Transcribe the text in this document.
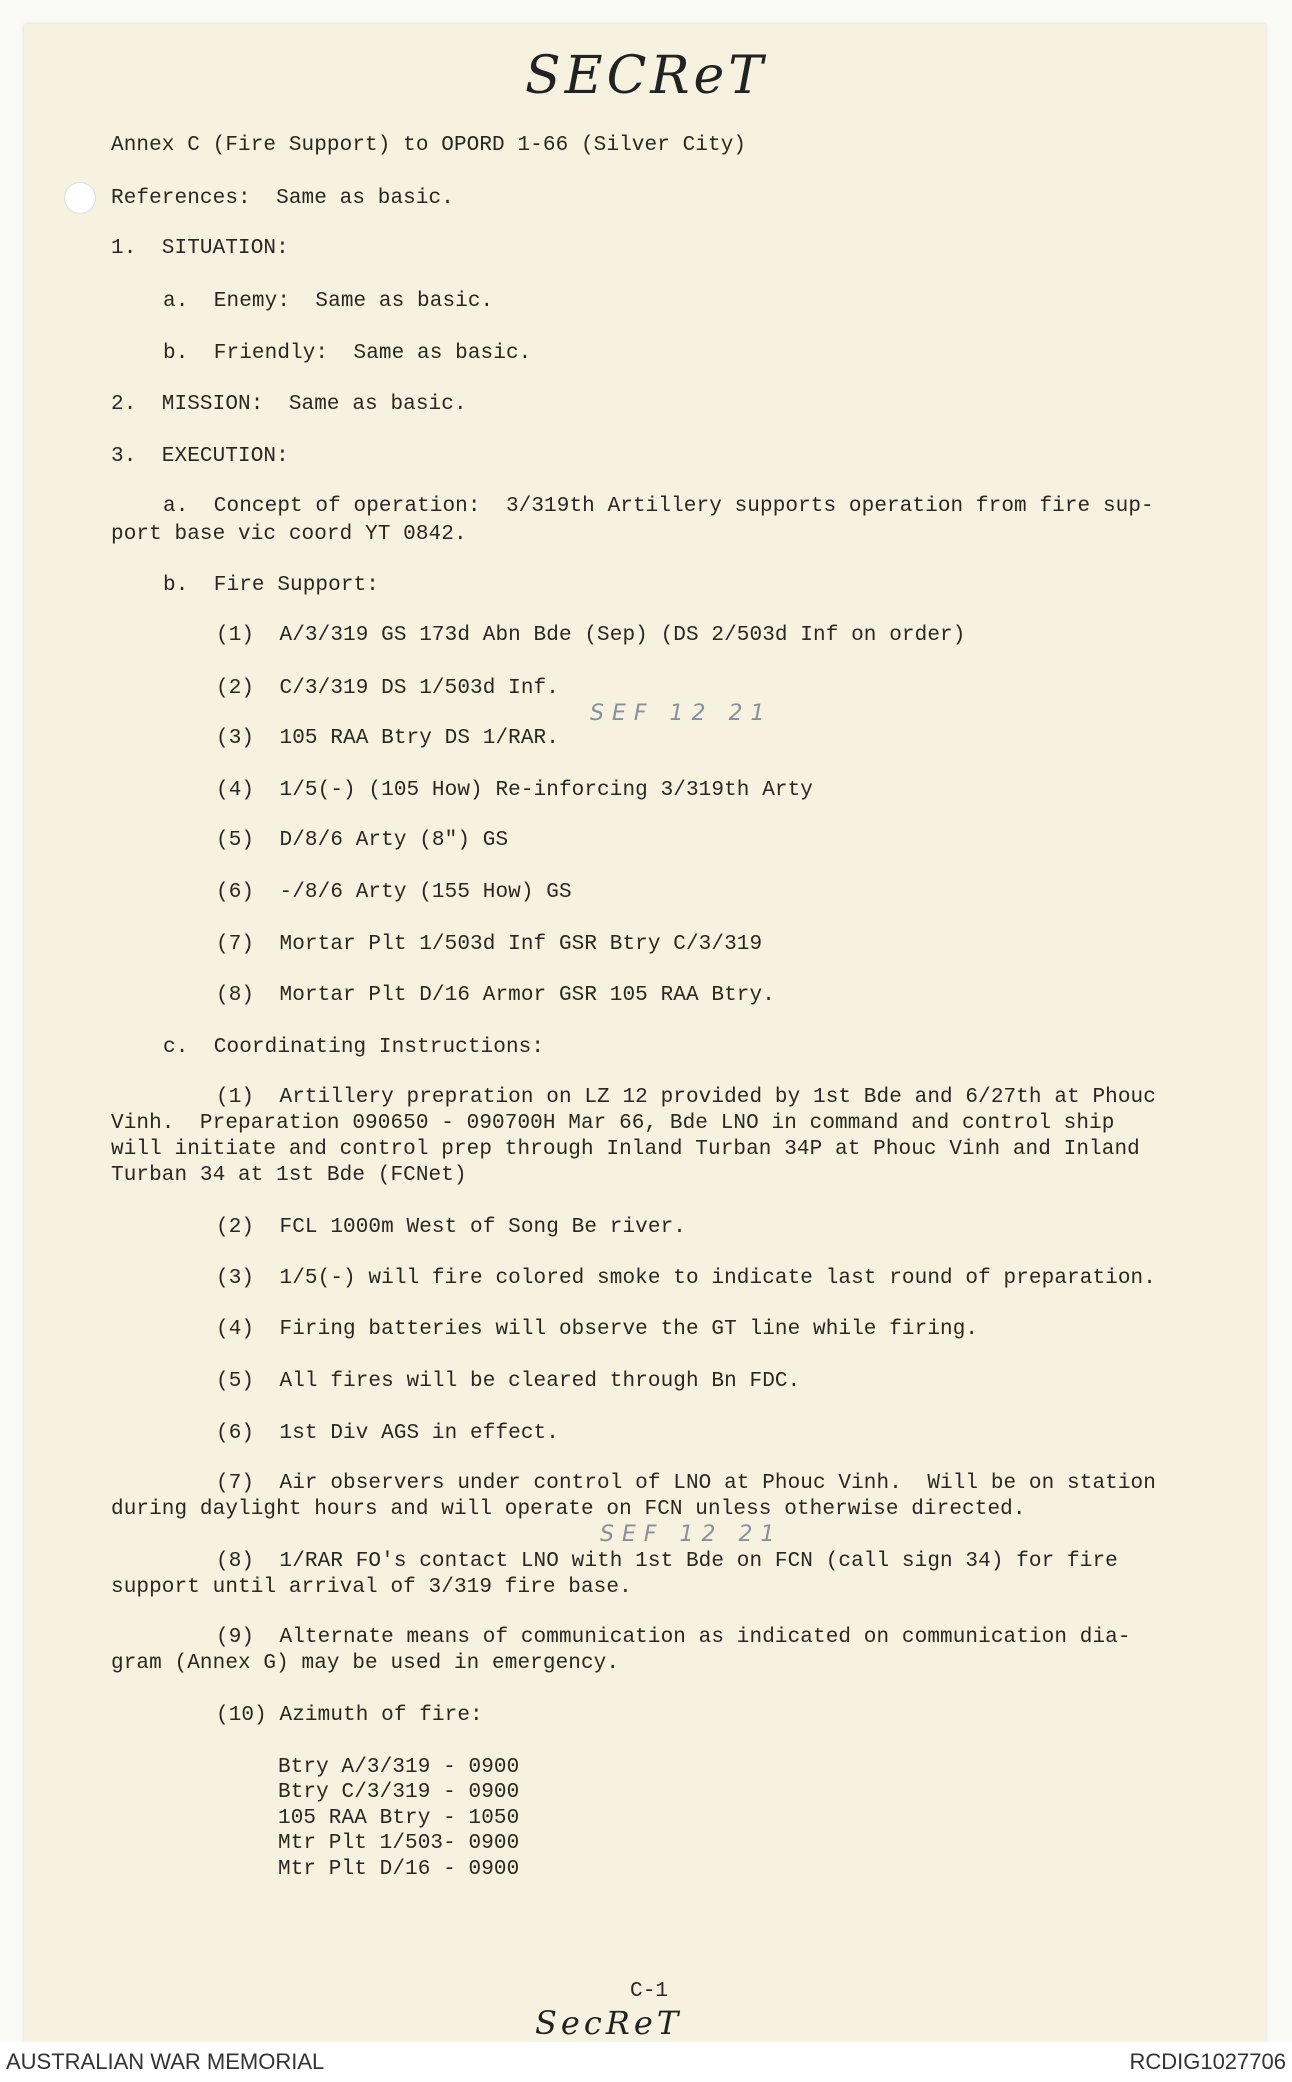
SECReT
SEF 12 21
SEF 12 21
Annex C (Fire Support) to OPORD 1-66 (Silver City)
References:  Same as basic.
1.  SITUATION:
a.  Enemy:  Same as basic.
b.  Friendly:  Same as basic.
2.  MISSION:  Same as basic.
3.  EXECUTION:
a.  Concept of operation:  3/319th Artillery supports operation from fire sup-
port base vic coord YT 0842.
b.  Fire Support:
(1)  A/3/319 GS 173d Abn Bde (Sep) (DS 2/503d Inf on order)
(2)  C/3/319 DS 1/503d Inf.
(3)  105 RAA Btry DS 1/RAR.
(4)  1/5(-) (105 How) Re-inforcing 3/319th Arty
(5)  D/8/6 Arty (8") GS
(6)  -/8/6 Arty (155 How) GS
(7)  Mortar Plt 1/503d Inf GSR Btry C/3/319
(8)  Mortar Plt D/16 Armor GSR 105 RAA Btry.
c.  Coordinating Instructions:
(1)  Artillery prepration on LZ 12 provided by 1st Bde and 6/27th at Phouc
Vinh.  Preparation 090650 - 090700H Mar 66, Bde LNO in command and control ship
will initiate and control prep through Inland Turban 34P at Phouc Vinh and Inland
Turban 34 at 1st Bde (FCNet)
(2)  FCL 1000m West of Song Be river.
(3)  1/5(-) will fire colored smoke to indicate last round of preparation.
(4)  Firing batteries will observe the GT line while firing.
(5)  All fires will be cleared through Bn FDC.
(6)  1st Div AGS in effect.
(7)  Air observers under control of LNO at Phouc Vinh.  Will be on station
during daylight hours and will operate on FCN unless otherwise directed.
(8)  1/RAR FO's contact LNO with 1st Bde on FCN (call sign 34) for fire
support until arrival of 3/319 fire base.
(9)  Alternate means of communication as indicated on communication dia-
gram (Annex G) may be used in emergency.
(10) Azimuth of fire:
Btry A/3/319 - 0900
Btry C/3/319 - 0900
105 RAA Btry - 1050
Mtr Plt 1/503- 0900
Mtr Plt D/16 - 0900
C-1
SecReT
AUSTRALIAN WAR MEMORIAL	RCDIG1027706
